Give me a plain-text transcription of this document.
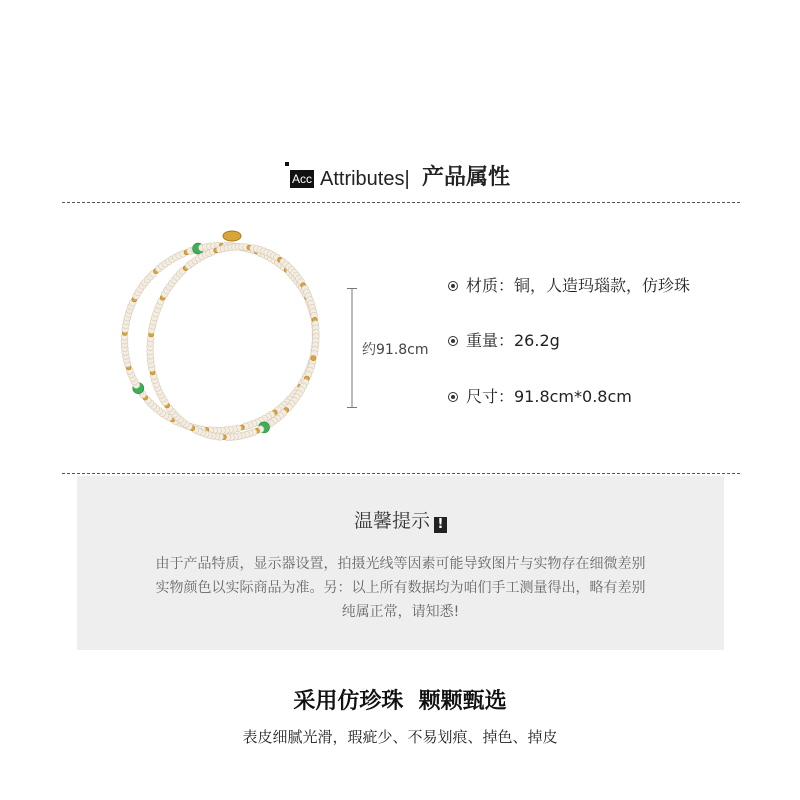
Acc Attributes| 产品属性
约91.8cm
材质：铜，人造玛瑙款，仿珍珠
重量：26.2g
尺寸：91.8cm*0.8cm
温馨提示 !
由于产品特质，显示器设置，拍摄光线等因素可能导致图片与实物存在细微差别
实物颜色以实际商品为准。另：以上所有数据均为咱们手工测量得出，略有差别
纯属正常，请知悉!
采用仿珍珠  颗颗甄选
表皮细腻光滑，瑕疵少、不易划痕、掉色、掉皮
